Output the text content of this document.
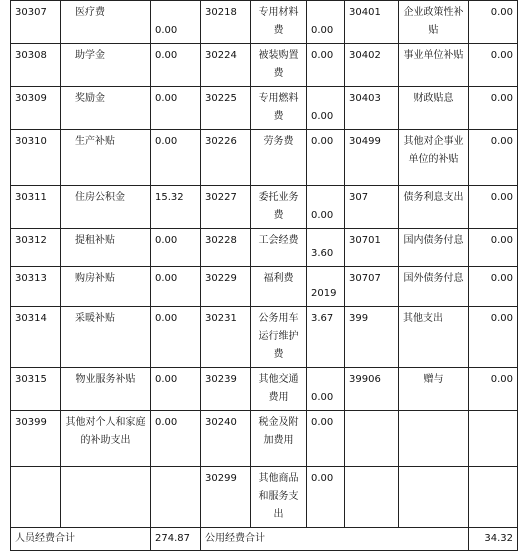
30307	医疗费	0.00	30218	专用材料费	0.00	30401	企业政策性补贴	0.00
30308	助学金	0.00	30224	被装购置费	0.00	30402	事业单位补贴	0.00
30309	奖励金	0.00	30225	专用燃料费	0.00	30403	财政贴息	0.00
30310	生产补贴	0.00	30226	劳务费	0.00	30499	其他对企事业单位的补贴	0.00
30311	住房公积金	15.32	30227	委托业务费	0.00	307	债务利息支出	0.00
30312	提租补贴	0.00	30228	工会经费	3.60	30701	国内债务付息	0.00
30313	购房补贴	0.00	30229	福利费	2019	30707	国外债务付息	0.00
30314	采暖补贴	0.00	30231	公务用车运行维护费	3.67	399	其他支出	0.00
30315	物业服务补贴	0.00	30239	其他交通费用	0.00	39906	赠与	0.00
30399	其他对个人和家庭的补助支出	0.00	30240	税金及附加费用	0.00			
			30299	其他商品和服务支出	0.00			
人员经费合计		274.87	公用经费合计					34.32
